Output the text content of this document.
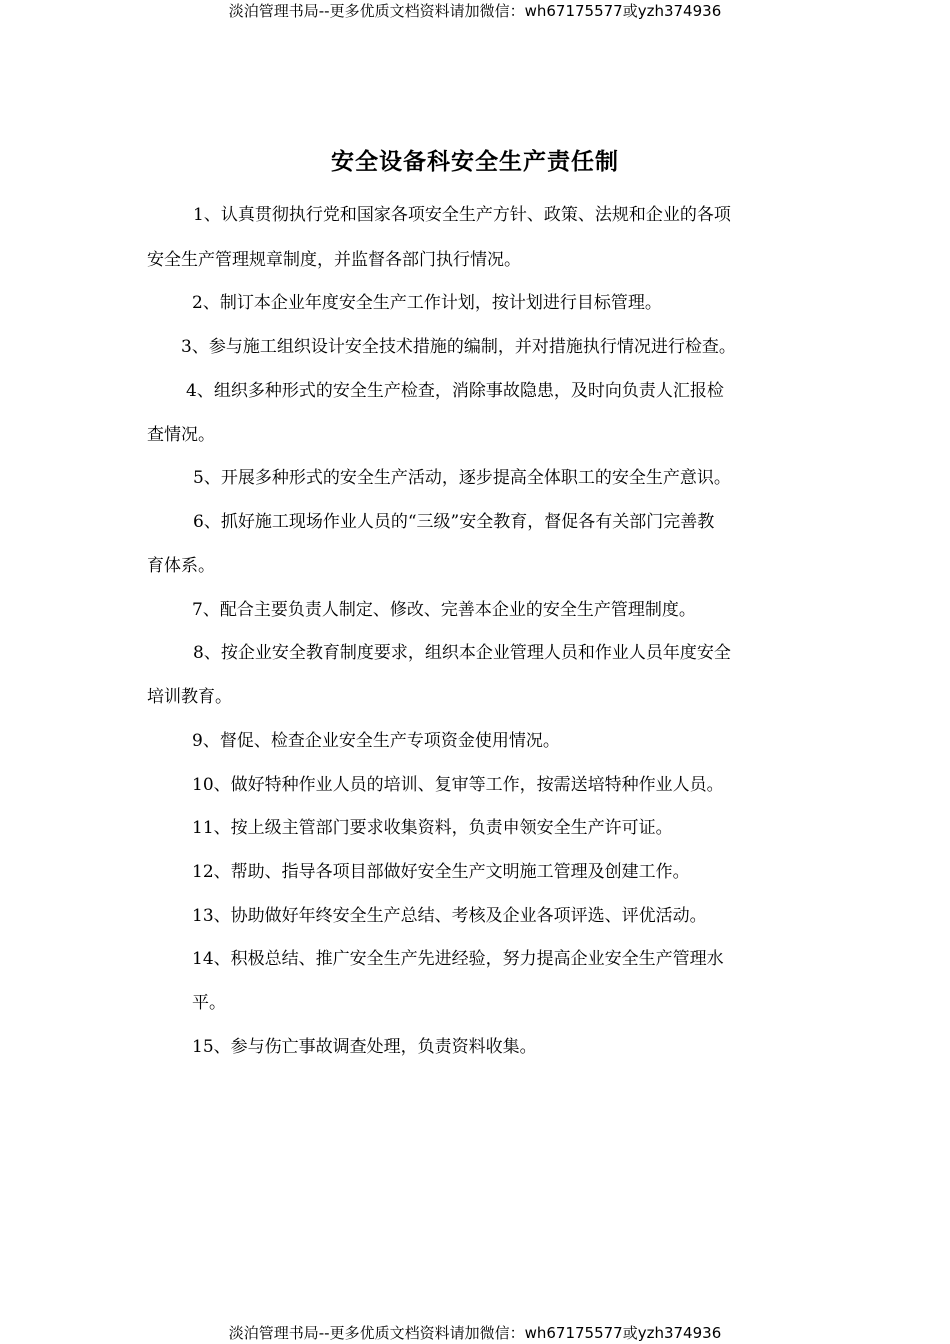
淡泊管理书局--更多优质文档资料请加微信：wh67175577或yzh374936
安全设备科安全生产责任制
1、认真贯彻执行党和国家各项安全生产方针、政策、法规和企业的各项
安全生产管理规章制度，并监督各部门执行情况。
2、制订本企业年度安全生产工作计划，按计划进行目标管理。
3、参与施工组织设计安全技术措施的编制，并对措施执行情况进行检查。
4、组织多种形式的安全生产检查，消除事故隐患，及时向负责人汇报检
查情况。
5、开展多种形式的安全生产活动，逐步提高全体职工的安全生产意识。
6、抓好施工现场作业人员的“三级”安全教育，督促各有关部门完善教
育体系。
7、配合主要负责人制定、修改、完善本企业的安全生产管理制度。
8、按企业安全教育制度要求，组织本企业管理人员和作业人员年度安全
培训教育。
9、督促、检查企业安全生产专项资金使用情况。
10、做好特种作业人员的培训、复审等工作，按需送培特种作业人员。
11、按上级主管部门要求收集资料，负责申领安全生产许可证。
12、帮助、指导各项目部做好安全生产文明施工管理及创建工作。
13、协助做好年终安全生产总结、考核及企业各项评选、评优活动。
14、积极总结、推广安全生产先进经验，努力提高企业安全生产管理水
平。
15、参与伤亡事故调查处理，负责资料收集。
淡泊管理书局--更多优质文档资料请加微信：wh67175577或yzh374936
